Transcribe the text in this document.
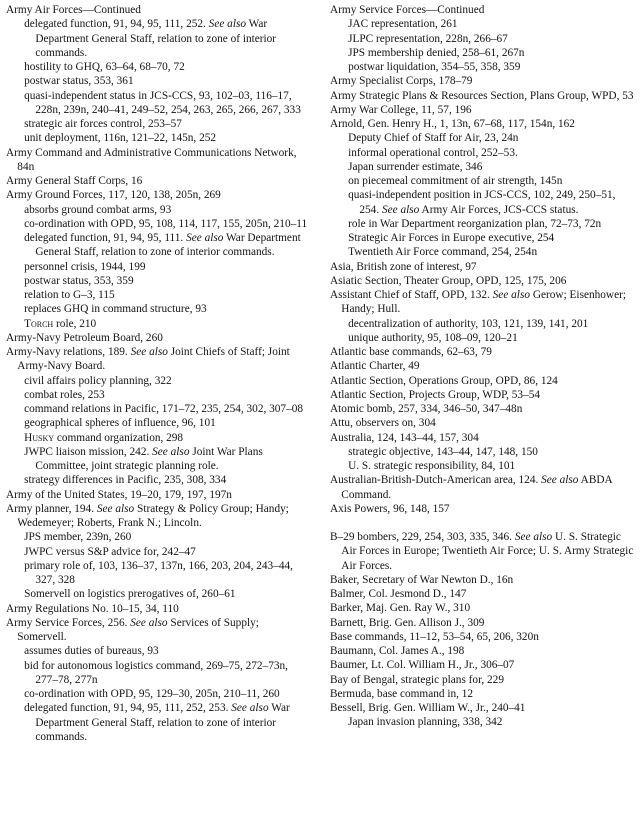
Army Air Forces—Continued
delegated function, 91, 94, 95, 111, 252. See also War Department General Staff, relation to zone of interior commands.
hostility to GHQ, 63–64, 68–70, 72
postwar status, 353, 361
quasi-independent status in JCS-CCS, 93, 102–03, 116–17, 228n, 239n, 240–41, 249–52, 254, 263, 265, 266, 267, 333
strategic air forces control, 253–57
unit deployment, 116n, 121–22, 145n, 252
Army Command and Administrative Communications Network, 84n
Army General Staff Corps, 16
Army Ground Forces, 117, 120, 138, 205n, 269
absorbs ground combat arms, 93
co-ordination with OPD, 95, 108, 114, 117, 155, 205n, 210–11
delegated function, 91, 94, 95, 111. See also War Department General Staff, relation to zone of interior commands.
personnel crisis, 1944, 199
postwar status, 353, 359
relation to G–3, 115
replaces GHQ in command structure, 93
Torch role, 210
Army-Navy Petroleum Board, 260
Army-Navy relations, 189. See also Joint Chiefs of Staff; Joint Army-Navy Board.
civil affairs policy planning, 322
combat roles, 253
command relations in Pacific, 171–72, 235, 254, 302, 307–08
geographical spheres of influence, 96, 101
Husky command organization, 298
JWPC liaison mission, 242. See also Joint War Plans Committee, joint strategic planning role.
strategy differences in Pacific, 235, 308, 334
Army of the United States, 19–20, 179, 197, 197n
Army planner, 194. See also Strategy & Policy Group; Handy; Wedemeyer; Roberts, Frank N.; Lincoln.
JPS member, 239n, 260
JWPC versus S&P advice for, 242–47
primary role of, 103, 136–37, 137n, 166, 203, 204, 243–44, 327, 328
Somervell on logistics prerogatives of, 260–61
Army Regulations No. 10–15, 34, 110
Army Service Forces, 256. See also Services of Supply; Somervell.
assumes duties of bureaus, 93
bid for autonomous logistics command, 269–75, 272–73n, 277–78, 277n
co-ordination with OPD, 95, 129–30, 205n, 210–11, 260
delegated function, 91, 94, 95, 111, 252, 253. See also War Department General Staff, relation to zone of interior commands.
Army Service Forces—Continued
JAC representation, 261
JLPC representation, 228n, 266–67
JPS membership denied, 258–61, 267n
postwar liquidation, 354–55, 358, 359
Army Specialist Corps, 178–79
Army Strategic Plans & Resources Section, Plans Group, WPD, 53
Army War College, 11, 57, 196
Arnold, Gen. Henry H., 1, 13n, 67–68, 117, 154n, 162
Deputy Chief of Staff for Air, 23, 24n
informal operational control, 252–53.
Japan surrender estimate, 346
on piecemeal commitment of air strength, 145n
quasi-independent position in JCS-CCS, 102, 249, 250–51, 254. See also Army Air Forces, JCS-CCS status.
role in War Department reorganization plan, 72–73, 72n
Strategic Air Forces in Europe executive, 254
Twentieth Air Force command, 254, 254n
Asia, British zone of interest, 97
Asiatic Section, Theater Group, OPD, 125, 175, 206
Assistant Chief of Staff, OPD, 132. See also Gerow; Eisenhower; Handy; Hull.
decentralization of authority, 103, 121, 139, 141, 201
unique authority, 95, 108–09, 120–21
Atlantic base commands, 62–63, 79
Atlantic Charter, 49
Atlantic Section, Operations Group, OPD, 86, 124
Atlantic Section, Projects Group, WDP, 53–54
Atomic bomb, 257, 334, 346–50, 347–48n
Attu, observers on, 304
Australia, 124, 143–44, 157, 304
strategic objective, 143–44, 147, 148, 150
U. S. strategic responsibility, 84, 101
Australian-British-Dutch-American area, 124. See also ABDA Command.
Axis Powers, 96, 148, 157
B–29 bombers, 229, 254, 303, 335, 346. See also U. S. Strategic Air Forces in Europe; Twentieth Air Force; U. S. Army Strategic Air Forces.
Baker, Secretary of War Newton D., 16n
Balmer, Col. Jesmond D., 147
Barker, Maj. Gen. Ray W., 310
Barnett, Brig. Gen. Allison J., 309
Base commands, 11–12, 53–54, 65, 206, 320n
Baumann, Col. James A., 198
Baumer, Lt. Col. William H., Jr., 306–07
Bay of Bengal, strategic plans for, 229
Bermuda, base command in, 12
Bessell, Brig. Gen. William W., Jr., 240–41
Japan invasion planning, 338, 342
